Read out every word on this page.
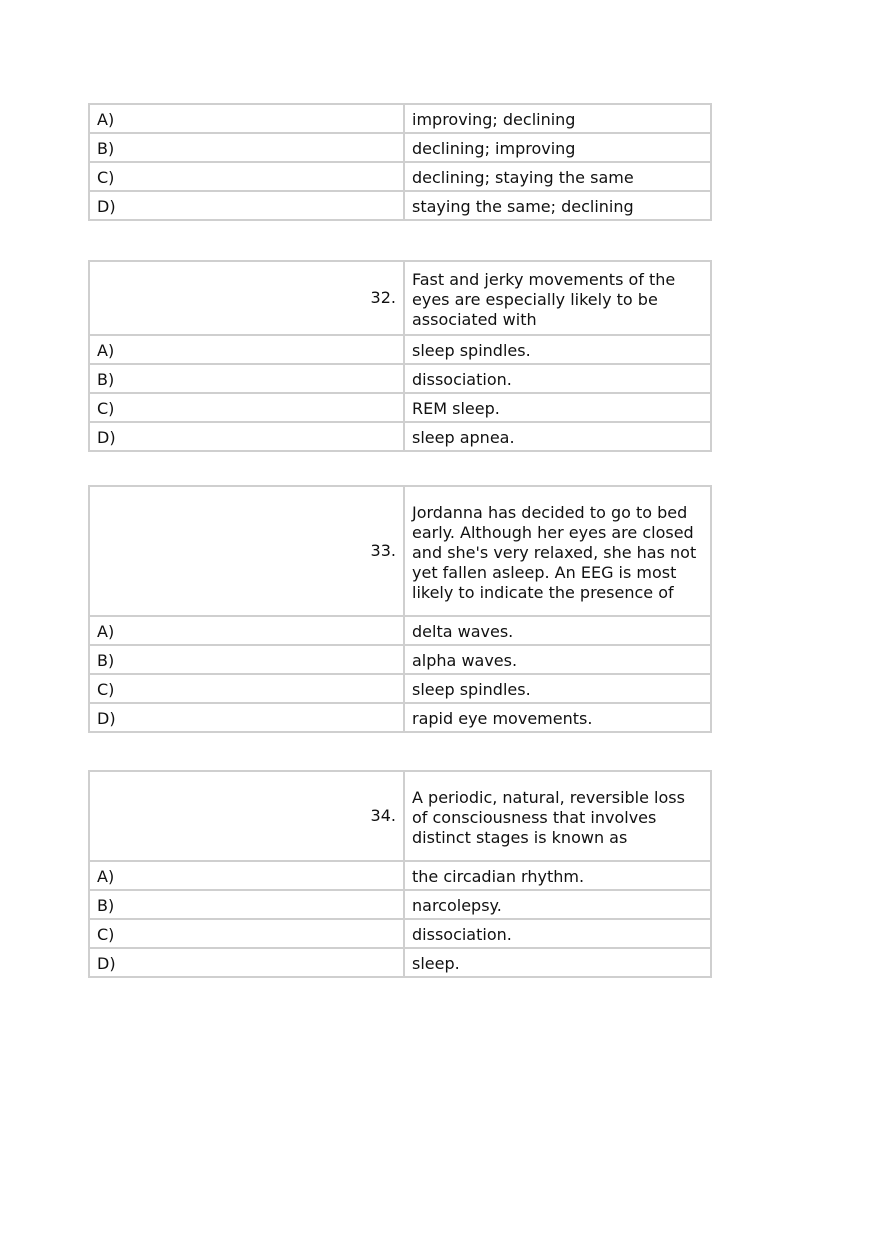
A)	improving; declining
B)	declining; improving
C)	declining; staying the same
D)	staying the same; declining
32.	Fast and jerky movements of the eyes are especially likely to be associated with
A)	sleep spindles.
B)	dissociation.
C)	REM sleep.
D)	sleep apnea.
33.	Jordanna has decided to go to bed early. Although her eyes are closed and she's very relaxed, she has not yet fallen asleep. An EEG is most likely to indicate the presence of
A)	delta waves.
B)	alpha waves.
C)	sleep spindles.
D)	rapid eye movements.
34.	A periodic, natural, reversible loss of consciousness that involves distinct stages is known as
A)	the circadian rhythm.
B)	narcolepsy.
C)	dissociation.
D)	sleep.
